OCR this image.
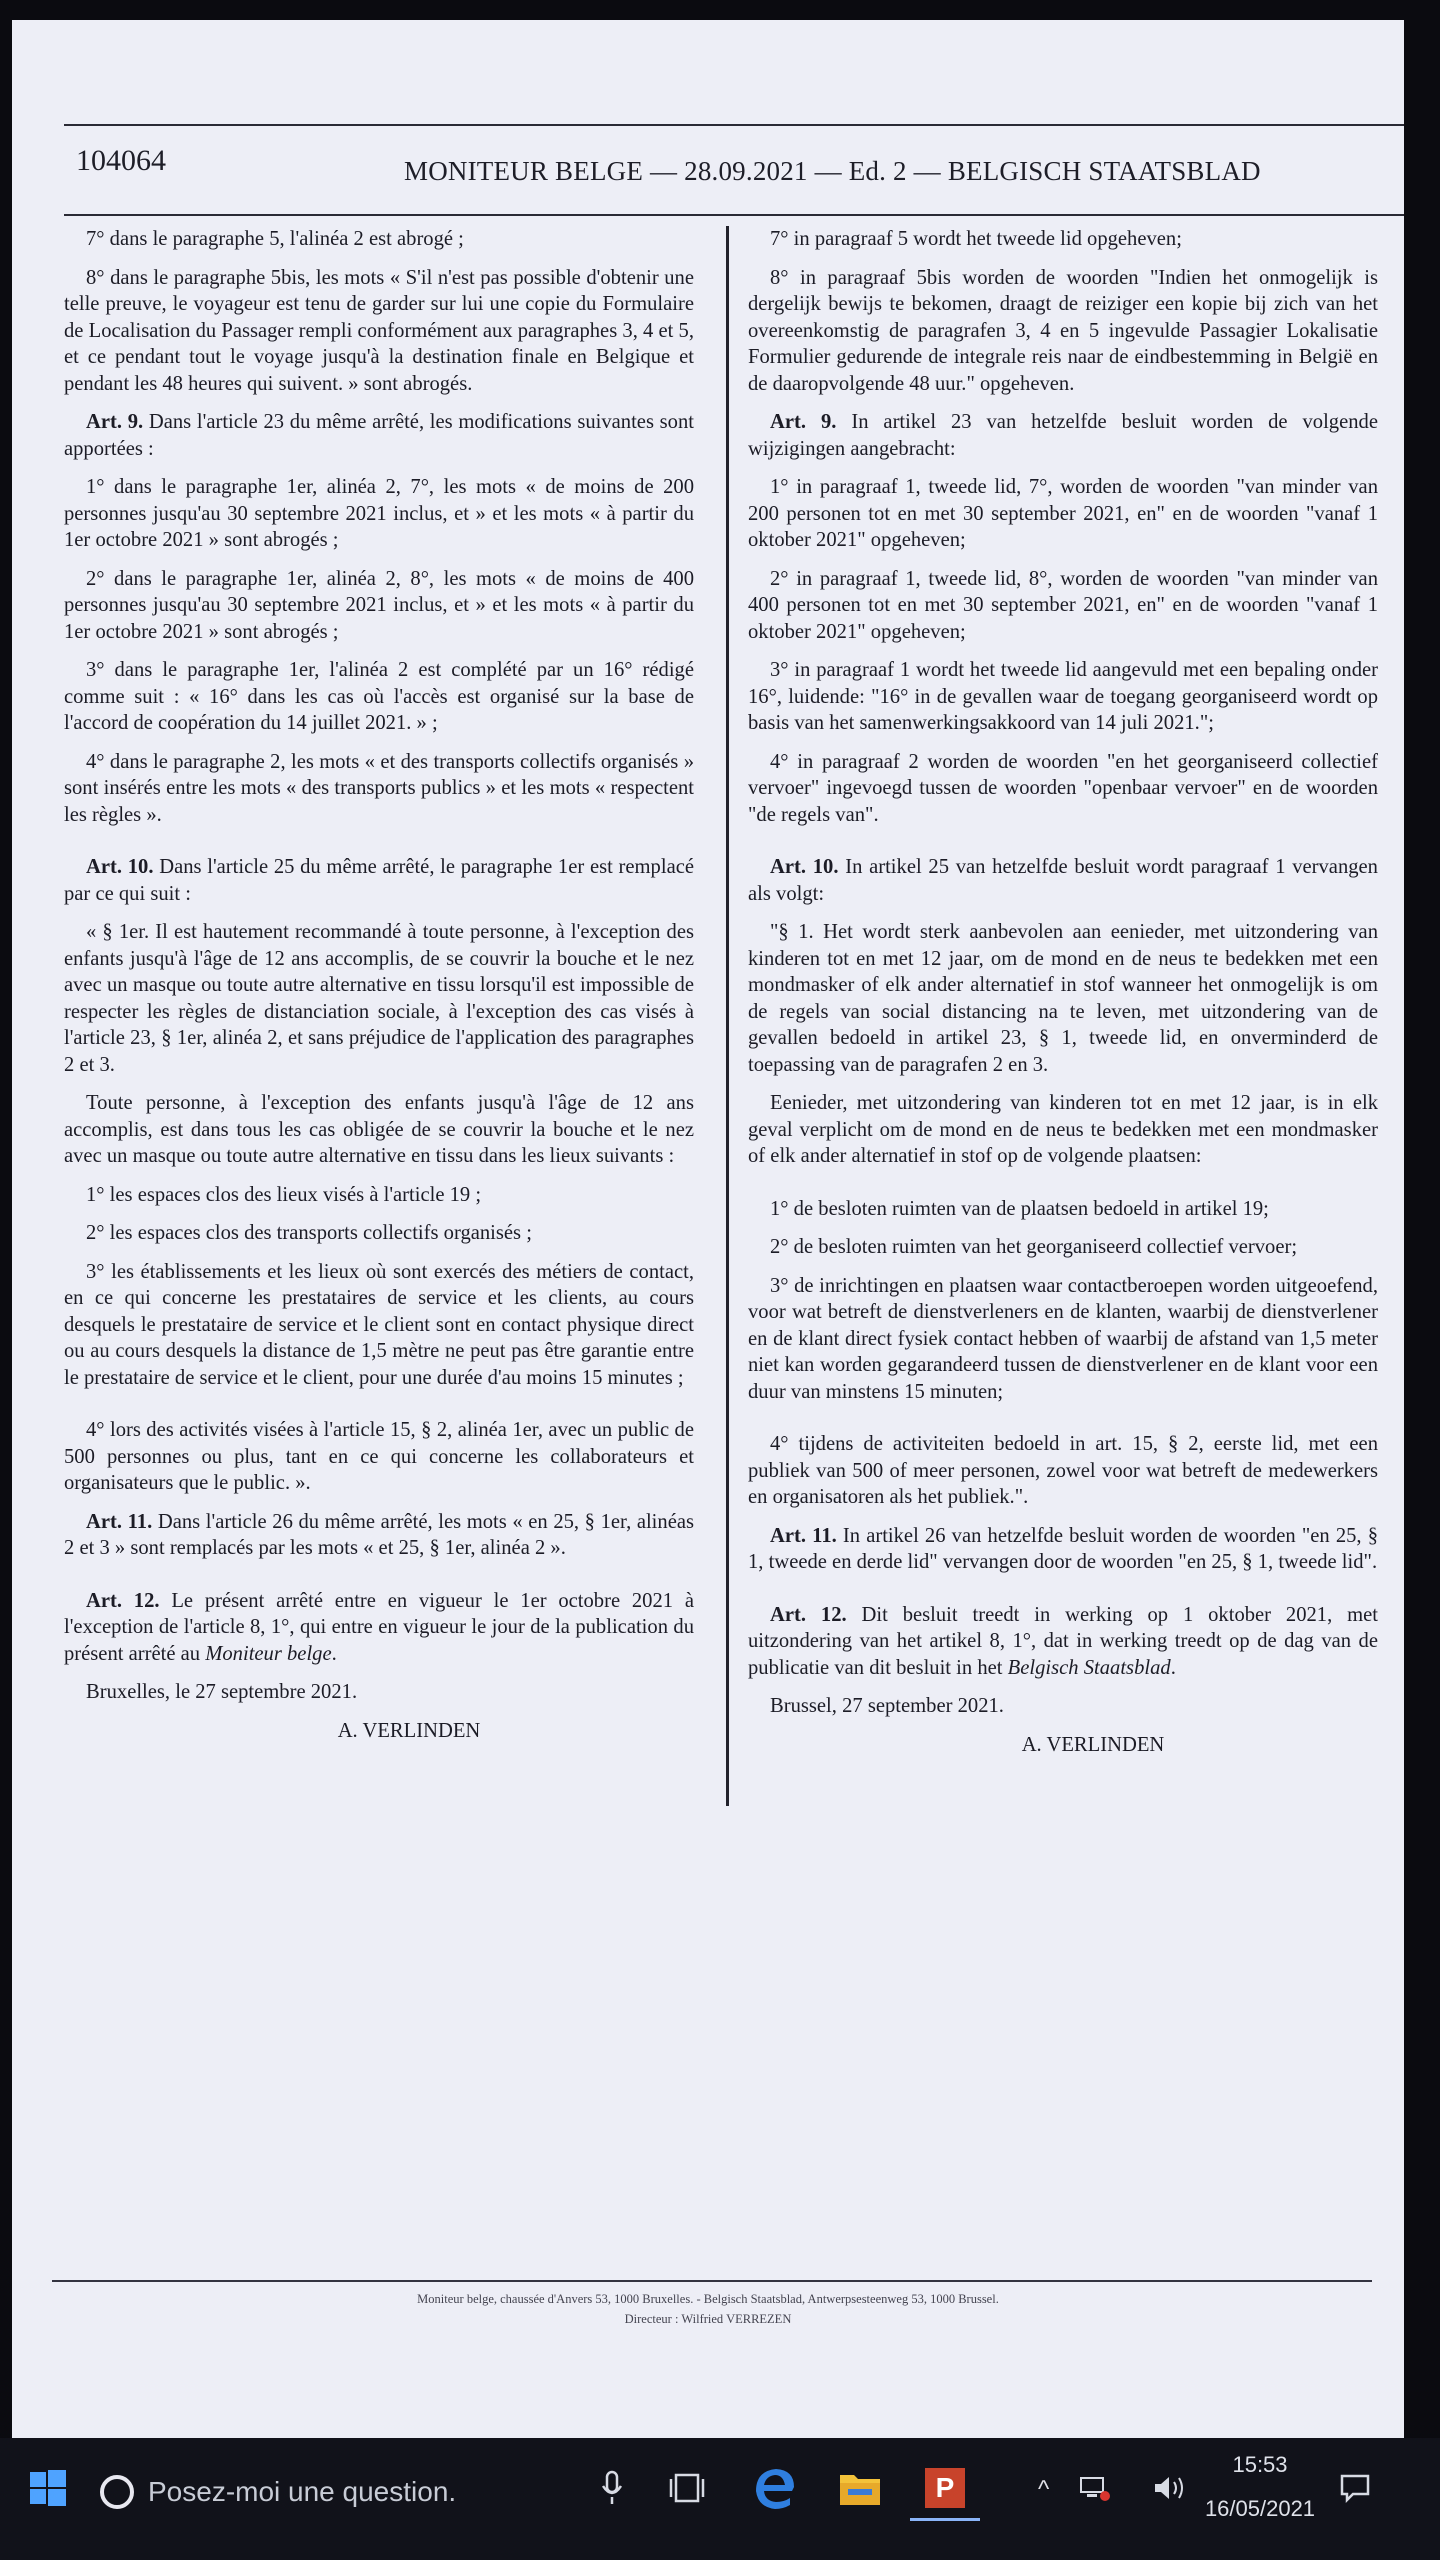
104064	MONITEUR BELGE — 28.09.2021 — Ed. 2 — BELGISCH STAATSBLAD

7° dans le paragraphe 5, l'alinéa 2 est abrogé ;

8° dans le paragraphe 5bis, les mots « S'il n'est pas possible d'obtenir une telle preuve, le voyageur est tenu de garder sur lui une copie du Formulaire de Localisation du Passager rempli conformément aux paragraphes 3, 4 et 5, et ce pendant tout le voyage jusqu'à la destination finale en Belgique et pendant les 48 heures qui suivent. » sont abrogés.

Art. 9. Dans l'article 23 du même arrêté, les modifications suivantes sont apportées :

1° dans le paragraphe 1er, alinéa 2, 7°, les mots « de moins de 200 personnes jusqu'au 30 septembre 2021 inclus, et » et les mots « à partir du 1er octobre 2021 » sont abrogés ;

2° dans le paragraphe 1er, alinéa 2, 8°, les mots « de moins de 400 personnes jusqu'au 30 septembre 2021 inclus, et » et les mots « à partir du 1er octobre 2021 » sont abrogés ;

3° dans le paragraphe 1er, l'alinéa 2 est complété par un 16° rédigé comme suit : « 16° dans les cas où l'accès est organisé sur la base de l'accord de coopération du 14 juillet 2021. » ;

4° dans le paragraphe 2, les mots « et des transports collectifs organisés » sont insérés entre les mots « des transports publics » et les mots « respectent les règles ».

Art. 10. Dans l'article 25 du même arrêté, le paragraphe 1er est remplacé par ce qui suit :

« § 1er. Il est hautement recommandé à toute personne, à l'exception des enfants jusqu'à l'âge de 12 ans accomplis, de se couvrir la bouche et le nez avec un masque ou toute autre alternative en tissu lorsqu'il est impossible de respecter les règles de distanciation sociale, à l'exception des cas visés à l'article 23, § 1er, alinéa 2, et sans préjudice de l'application des paragraphes 2 et 3.

Toute personne, à l'exception des enfants jusqu'à l'âge de 12 ans accomplis, est dans tous les cas obligée de se couvrir la bouche et le nez avec un masque ou toute autre alternative en tissu dans les lieux suivants :

1° les espaces clos des lieux visés à l'article 19 ;

2° les espaces clos des transports collectifs organisés ;

3° les établissements et les lieux où sont exercés des métiers de contact, en ce qui concerne les prestataires de service et les clients, au cours desquels le prestataire de service et le client sont en contact physique direct ou au cours desquels la distance de 1,5 mètre ne peut pas être garantie entre le prestataire de service et le client, pour une durée d'au moins 15 minutes ;

4° lors des activités visées à l'article 15, § 2, alinéa 1er, avec un public de 500 personnes ou plus, tant en ce qui concerne les collaborateurs et organisateurs que le public. ».

Art. 11. Dans l'article 26 du même arrêté, les mots « en 25, § 1er, alinéas 2 et 3 » sont remplacés par les mots « et 25, § 1er, alinéa 2 ».

Art. 12. Le présent arrêté entre en vigueur le 1er octobre 2021 à l'exception de l'article 8, 1°, qui entre en vigueur le jour de la publication du présent arrêté au Moniteur belge.

Bruxelles, le 27 septembre 2021.

A. VERLINDEN

7° in paragraaf 5 wordt het tweede lid opgeheven;

8° in paragraaf 5bis worden de woorden "Indien het onmogelijk is dergelijk bewijs te bekomen, draagt de reiziger een kopie bij zich van het overeenkomstig de paragrafen 3, 4 en 5 ingevulde Passagier Lokalisatie Formulier gedurende de integrale reis naar de eindbestemming in België en de daaropvolgende 48 uur." opgeheven.

Art. 9. In artikel 23 van hetzelfde besluit worden de volgende wijzigingen aangebracht:

1° in paragraaf 1, tweede lid, 7°, worden de woorden "van minder van 200 personen tot en met 30 september 2021, en" en de woorden "vanaf 1 oktober 2021" opgeheven;

2° in paragraaf 1, tweede lid, 8°, worden de woorden "van minder van 400 personen tot en met 30 september 2021, en" en de woorden "vanaf 1 oktober 2021" opgeheven;

3° in paragraaf 1 wordt het tweede lid aangevuld met een bepaling onder 16°, luidende: "16° in de gevallen waar de toegang georganiseerd wordt op basis van het samenwerkingsakkoord van 14 juli 2021.";

4° in paragraaf 2 worden de woorden "en het georganiseerd collectief vervoer" ingevoegd tussen de woorden "openbaar vervoer" en de woorden "de regels van".

Art. 10. In artikel 25 van hetzelfde besluit wordt paragraaf 1 vervangen als volgt:

"§ 1. Het wordt sterk aanbevolen aan eenieder, met uitzondering van kinderen tot en met 12 jaar, om de mond en de neus te bedekken met een mondmasker of elk ander alternatief in stof wanneer het onmogelijk is om de regels van social distancing na te leven, met uitzondering van de gevallen bedoeld in artikel 23, § 1, tweede lid, en onverminderd de toepassing van de paragrafen 2 en 3.

Eenieder, met uitzondering van kinderen tot en met 12 jaar, is in elk geval verplicht om de mond en de neus te bedekken met een mondmasker of elk ander alternatief in stof op de volgende plaatsen:

1° de besloten ruimten van de plaatsen bedoeld in artikel 19;

2° de besloten ruimten van het georganiseerd collectief vervoer;

3° de inrichtingen en plaatsen waar contactberoepen worden uitgeoefend, voor wat betreft de dienstverleners en de klanten, waarbij de dienstverlener en de klant direct fysiek contact hebben of waarbij de afstand van 1,5 meter niet kan worden gegarandeerd tussen de dienstverlener en de klant voor een duur van minstens 15 minuten;

4° tijdens de activiteiten bedoeld in art. 15, § 2, eerste lid, met een publiek van 500 of meer personen, zowel voor wat betreft de medewerkers en organisatoren als het publiek.".

Art. 11. In artikel 26 van hetzelfde besluit worden de woorden "en 25, § 1, tweede en derde lid" vervangen door de woorden "en 25, § 1, tweede lid".

Art. 12. Dit besluit treedt in werking op 1 oktober 2021, met uitzondering van het artikel 8, 1°, dat in werking treedt op de dag van de publicatie van dit besluit in het Belgisch Staatsblad.

Brussel, 27 september 2021.

A. VERLINDEN

Moniteur belge, chaussée d'Anvers 53, 1000 Bruxelles. - Belgisch Staatsblad, Antwerpsesteenweg 53, 1000 Brussel.
Directeur : Wilfried VERREZEN
Posez-moi une question.	P	^
15:53
16/05/2021
